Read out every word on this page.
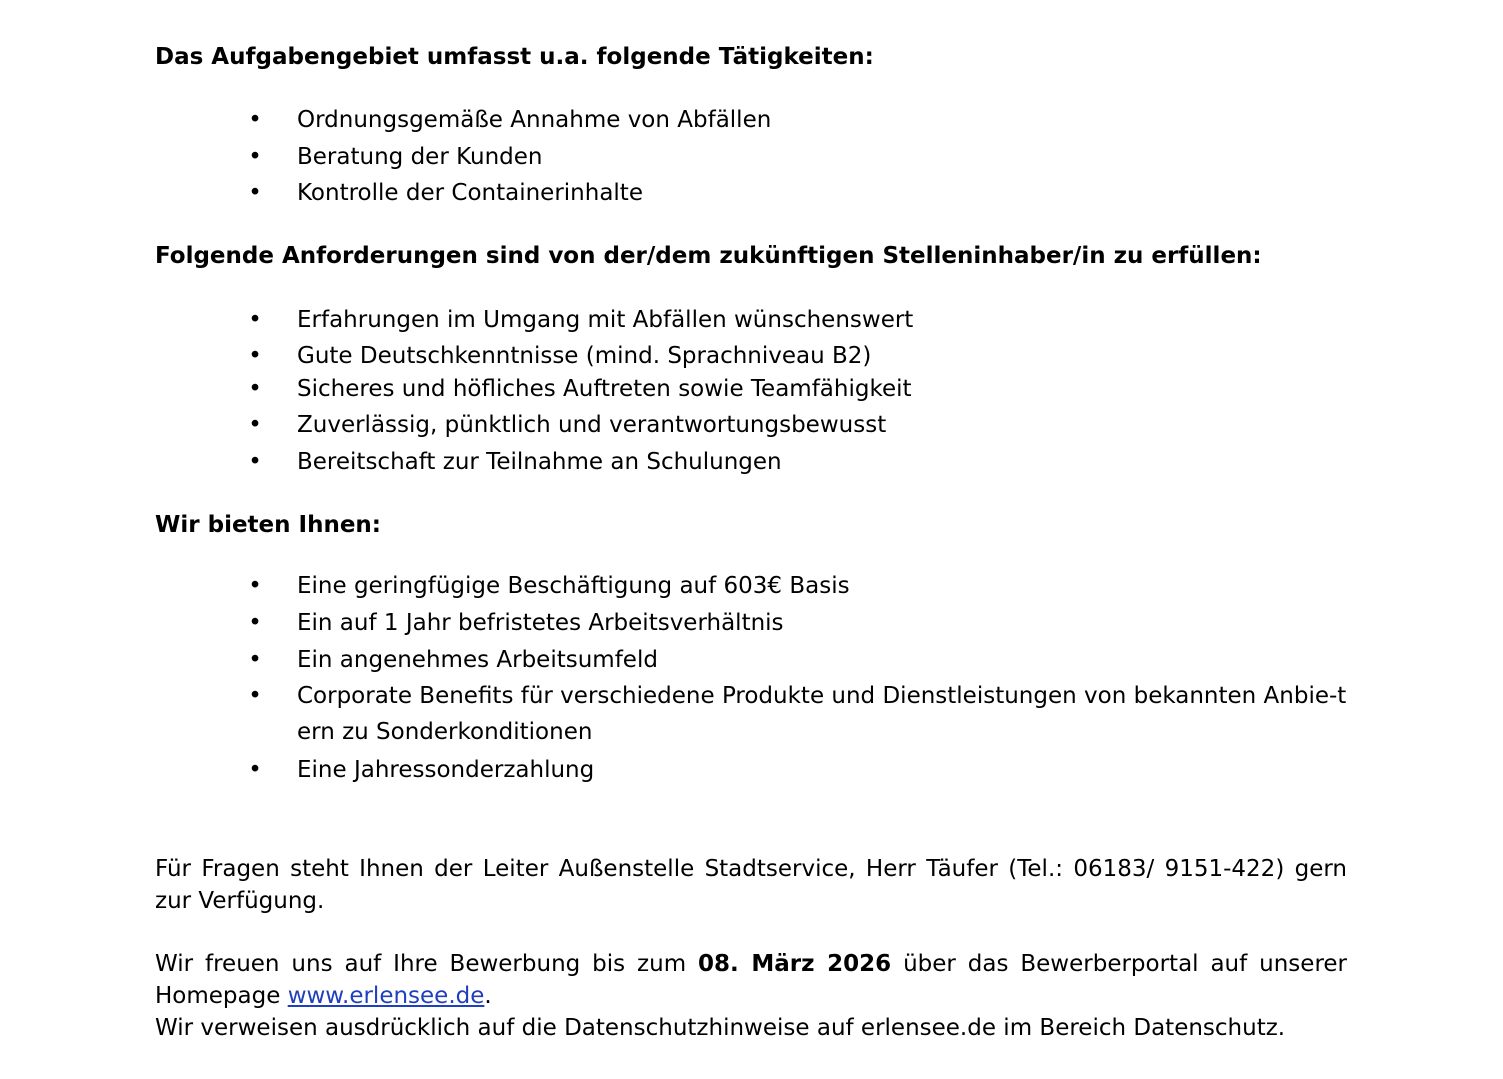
Das Aufgabengebiet umfasst u.a. folgende Tätigkeiten:
• Ordnungsgemäße Annahme von Abfällen
• Beratung der Kunden
• Kontrolle der Containerinhalte
Folgende Anforderungen sind von der/dem zukünftigen Stelleninhaber/in zu erfüllen:
• Erfahrungen im Umgang mit Abfällen wünschenswert
• Gute Deutschkenntnisse (mind. Sprachniveau B2)
• Sicheres und höfliches Auftreten sowie Teamfähigkeit
• Zuverlässig, pünktlich und verantwortungsbewusst
• Bereitschaft zur Teilnahme an Schulungen
Wir bieten Ihnen:
• Eine geringfügige Beschäftigung auf 603€ Basis
• Ein auf 1 Jahr befristetes Arbeitsverhältnis
• Ein angenehmes Arbeitsumfeld
• Corporate Benefits für verschiedene Produkte und Dienstleistungen von bekannten Anbie-tern zu Sonderkonditionen
• Eine Jahressonderzahlung

Für Fragen steht Ihnen der Leiter Außenstelle Stadtservice, Herr Täufer (Tel.: 06183/ 9151-422) gern zur Verfügung.

Wir freuen uns auf Ihre Bewerbung bis zum 08. März 2026 über das Bewerberportal auf unserer Homepage www.erlensee.de.

Wir verweisen ausdrücklich auf die Datenschutzhinweise auf erlensee.de im Bereich Datenschutz.
